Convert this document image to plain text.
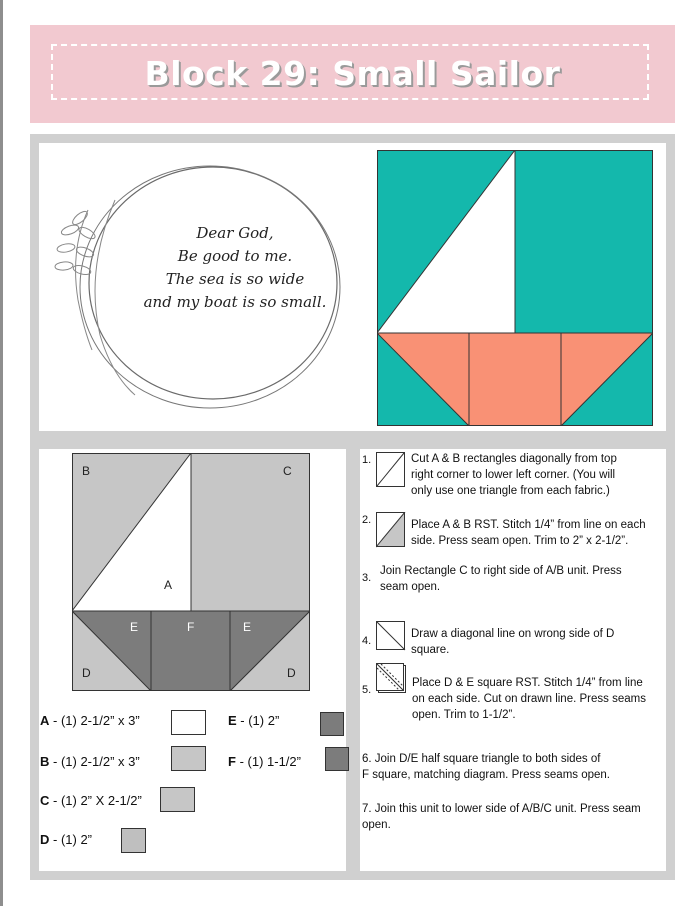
Block 29: Small Sailor
Dear God,
Be good to me.
The sea is so wide
and my boat is so small.
B	C
A
E	F	E
D	D
A - (1) 2-1/2” x 3”
B - (1) 2-1/2” x 3”
C - (1) 2” X 2-1/2”
D - (1) 2”
E - (1) 2”
F - (1) 1-1/2”
1.
2.
3.
4.
5.
Cut A & B rectangles diagonally from top
right corner to lower left corner. (You will
only use one triangle from each fabric.)
Place A & B RST. Stitch 1/4” from line on each
side. Press seam open. Trim to 2” x 2-1/2”.
Join Rectangle C to right side of A/B unit. Press
seam open.
Draw a diagonal line on wrong side of D
square.
Place D & E square RST. Stitch 1/4” from line
on each side. Cut on drawn line. Press seams
open. Trim to 1-1/2”.
6. Join D/E half square triangle to both sides of
F square, matching diagram. Press seams open.
7. Join this unit to lower side of A/B/C unit. Press seam
open.
